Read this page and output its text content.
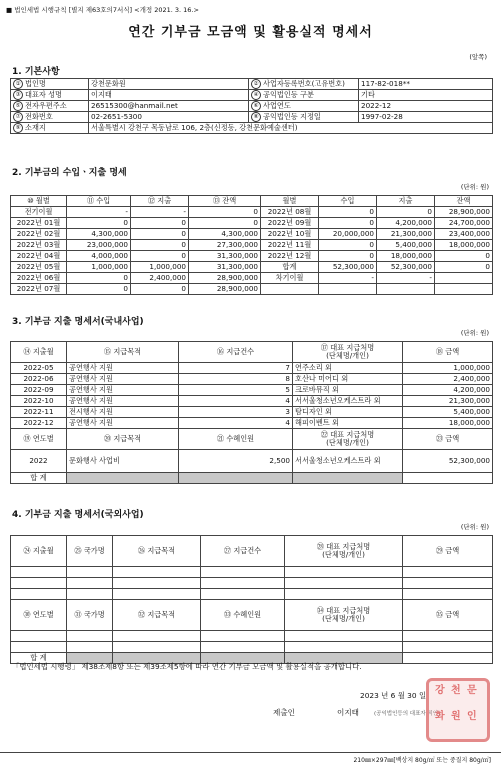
■ 법인세법 시행규칙 [별지 제63호의7서식] <개정 2021. 3. 16.>
연간 기부금 모금액 및 활용실적 명세서
(앞쪽)
1. 기본사항
① 법인명	강천문화원	② 사업자등록번호(고유번호)	117-82-018**
③ 대표자 성명	이지태	④ 공익법인등 구분	기타
⑤ 전자우편주소	26515300@hanmail.net	⑥ 사업연도	2022-12
⑦ 전화번호	02-2651-5300	⑧ 공익법인등 지정일	1997-02-28
⑨ 소재지	서울특별시 강천구 목동남로 106, 2층(신정동, 강천문화예술센터)		
2. 기부금의 수입ㆍ지출 명세
(단위: 원)
⑩ 월별	⑪ 수입	⑫ 지출	⑬ 잔액	월별	수입	지출	잔액
전기이월	-	-	0	2022년 08월	0	0	28,900,000
2022년 01월	0	0	0	2022년 09월	0	4,200,000	24,700,000
2022년 02월	4,300,000	0	4,300,000	2022년 10월	20,000,000	21,300,000	23,400,000
2022년 03월	23,000,000	0	27,300,000	2022년 11월	0	5,400,000	18,000,000
2022년 04월	4,000,000	0	31,300,000	2022년 12월	0	18,000,000	0
2022년 05월	1,000,000	1,000,000	31,300,000	합계	52,300,000	52,300,000	0
2022년 06월	0	2,400,000	28,900,000	차기이월	-	-	
2022년 07월	0	0	28,900,000				
3. 기부금 지출 명세서(국내사업)
(단위: 원)
⑭ 지출월	⑮ 지급목적	⑯ 지급건수	⑰ 대표 지급처명
(단체명/개인)	⑱ 금액
2022-05	공연행사 지원	7	연주소리 외	1,000,000
2022-06	공연행사 지원	8	호산나 미어디 외	2,400,000
2022-09	공연행사 지원	5	크로바뮤직 외	4,200,000
2022-10	공연행사 지원	4	서서울청소년오케스트라 외	21,300,000
2022-11	전시행사 지원	3	탐디자인 외	5,400,000
2022-12	공연행사 지원	4	해피이벤트 외	18,000,000
⑲ 연도별	⑳ 지급목적	㉑ 수혜인원	㉒ 대표 지급처명
(단체명/개인)	㉓ 금액
2022	문화행사 사업비	2,500	서서울청소년오케스트라 외	52,300,000
합 계				
4. 기부금 지출 명세서(국외사업)
(단위: 원)
㉔ 지출월	㉕ 국가명	㉖ 지급목적	㉗ 지급건수	㉘ 대표 지급처명
(단체명/개인)	㉙ 금액

㉚ 연도별	㉛ 국가명	㉜ 지급목적	㉝ 수혜인원	㉞ 대표 지급처명
(단체명/개인)	㉟ 금액

합 계					
「법인세법 시행령」 제38조제8항 또는 제39조제5항에 따라 연간 기부금 모금액 및 활용실적을 공개합니다.
2023 년 6 월 30 일
제출인	이지태	(공익법인등의 대표자 직인)
강 천 문
화 원 인
210㎜×297㎜[백상지 80g/㎡ 또는 중질지 80g/㎡]
